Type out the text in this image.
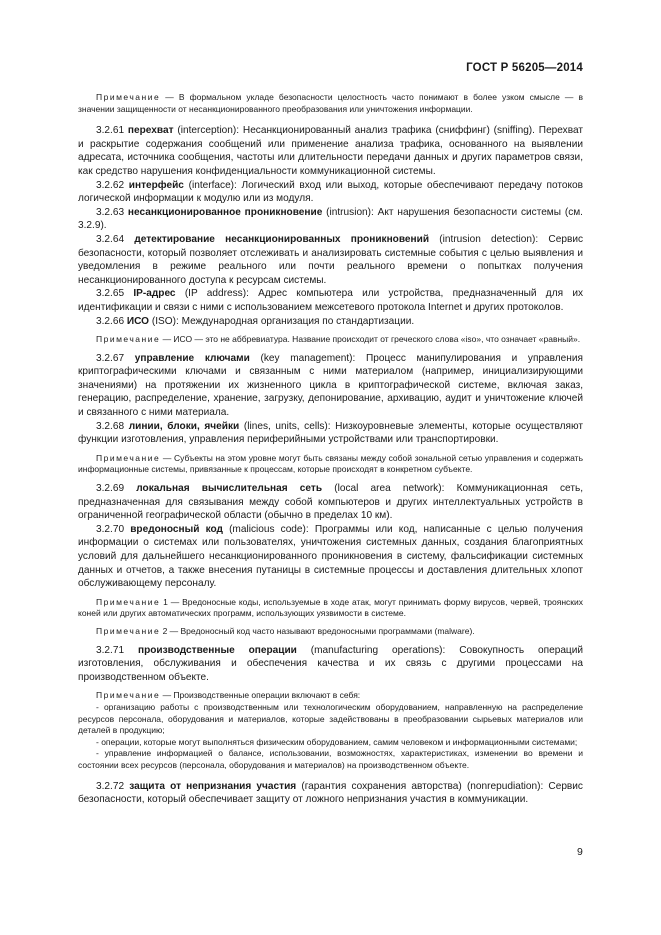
ГОСТ Р 56205—2014

Примечание — В формальном укладе безопасности целостность часто понимают в более узком смысле — в значении защищенности от несанкционированного преобразования или уничтожения информации.

3.2.61 перехват (interception): Несанкционированный анализ трафика (сниффинг) (sniffing). Перехват и раскрытие содержания сообщений или применение анализа трафика, основанного на выявлении адресата, источника сообщения, частоты или длительности передачи данных и других параметров связи, как средство нарушения конфиденциальности коммуникационной системы.

3.2.62 интерфейс (interface): Логический вход или выход, которые обеспечивают передачу потоков логической информации к модулю или из модуля.

3.2.63 несанкционированное проникновение (intrusion): Акт нарушения безопасности системы (см. 3.2.9).

3.2.64 детектирование несанкционированных проникновений (intrusion detection): Сервис безопасности, который позволяет отслеживать и анализировать системные события с целью выявления и уведомления в режиме реального или почти реального времени о попытках получения несанкционированного доступа к ресурсам системы.

3.2.65 IP-адрес (IP address): Адрес компьютера или устройства, предназначенный для их идентификации и связи с ними с использованием межсетевого протокола Internet и других протоколов.

3.2.66 ИСО (ISO): Международная организация по стандартизации.

Примечание — ИСО — это не аббревиатура. Название происходит от греческого слова «iso», что означает «равный».

3.2.67 управление ключами (key management): Процесс манипулирования и управления криптографическими ключами и связанным с ними материалом (например, инициализирующими значениями) на протяжении их жизненного цикла в криптографической системе, включая заказ, генерацию, распределение, хранение, загрузку, депонирование, архивацию, аудит и уничтожение ключей и связанного с ними материала.

3.2.68 линии, блоки, ячейки (lines, units, cells): Низкоуровневые элементы, которые осуществляют функции изготовления, управления периферийными устройствами или транспортировки.

Примечание — Субъекты на этом уровне могут быть связаны между собой зональной сетью управления и содержать информационные системы, привязанные к процессам, которые происходят в конкретном субъекте.

3.2.69 локальная вычислительная сеть (local area network): Коммуникационная сеть, предназначенная для связывания между собой компьютеров и других интеллектуальных устройств в ограниченной географической области (обычно в пределах 10 км).

3.2.70 вредоносный код (malicious code): Программы или код, написанные с целью получения информации о системах или пользователях, уничтожения системных данных, создания благоприятных условий для дальнейшего несанкционированного проникновения в систему, фальсификации системных данных и отчетов, а также внесения путаницы в системные процессы и доставления длительных хлопот обслуживающему персоналу.

Примечание 1 — Вредоносные коды, используемые в ходе атак, могут принимать форму вирусов, червей, троянских коней или других автоматических программ, использующих уязвимости в системе.

Примечание 2 — Вредоносный код часто называют вредоносными программами (malware).

3.2.71 производственные операции (manufacturing operations): Совокупность операций изготовления, обслуживания и обеспечения качества и их связь с другими процессами на производственном объекте.

Примечание — Производственные операции включают в себя:

- организацию работы с производственным или технологическим оборудованием, направленную на распределение ресурсов персонала, оборудования и материалов, которые задействованы в преобразовании сырьевых материалов или деталей в продукцию;

- операции, которые могут выполняться физическим оборудованием, самим человеком и информационными системами;

- управление информацией о балансе, использовании, возможностях, характеристиках, изменении во времени и состоянии всех ресурсов (персонала, оборудования и материалов) на производственном объекте.

3.2.72 защита от непризнания участия (гарантия сохранения авторства) (nonrepudiation): Сервис безопасности, который обеспечивает защиту от ложного непризнания участия в коммуникации.

9
